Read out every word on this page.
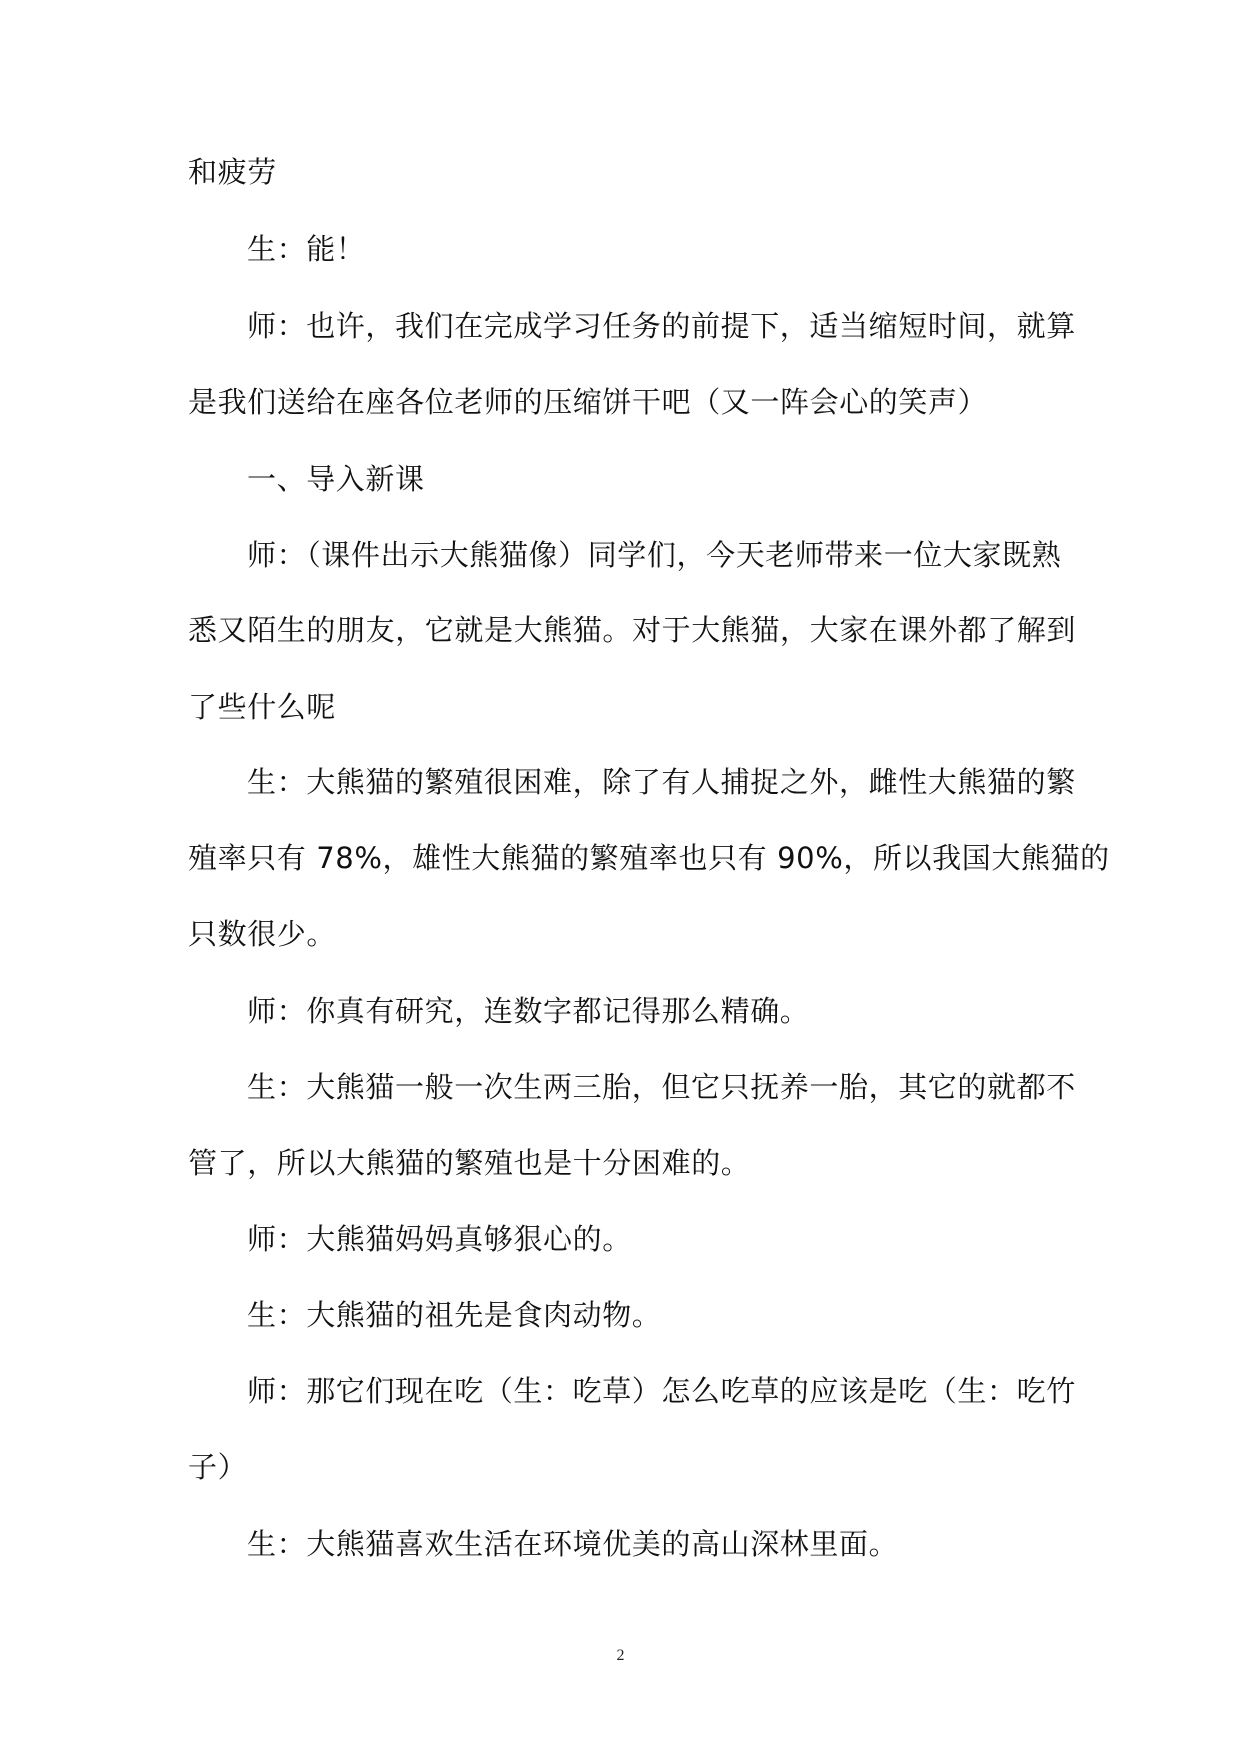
和疲劳
生：能！
师：也许，我们在完成学习任务的前提下，适当缩短时间，就算
是我们送给在座各位老师的压缩饼干吧（又一阵会心的笑声）
一、导入新课
师：（课件出示大熊猫像）同学们，今天老师带来一位大家既熟
悉又陌生的朋友，它就是大熊猫。对于大熊猫，大家在课外都了解到
了些什么呢
生：大熊猫的繁殖很困难，除了有人捕捉之外，雌性大熊猫的繁
殖率只有 78%，雄性大熊猫的繁殖率也只有 90%，所以我国大熊猫的
只数很少。
师：你真有研究，连数字都记得那么精确。
生：大熊猫一般一次生两三胎，但它只抚养一胎，其它的就都不
管了，所以大熊猫的繁殖也是十分困难的。
师：大熊猫妈妈真够狠心的。
生：大熊猫的祖先是食肉动物。
师：那它们现在吃（生：吃草）怎么吃草的应该是吃（生：吃竹
子）
生：大熊猫喜欢生活在环境优美的高山深林里面。
2
